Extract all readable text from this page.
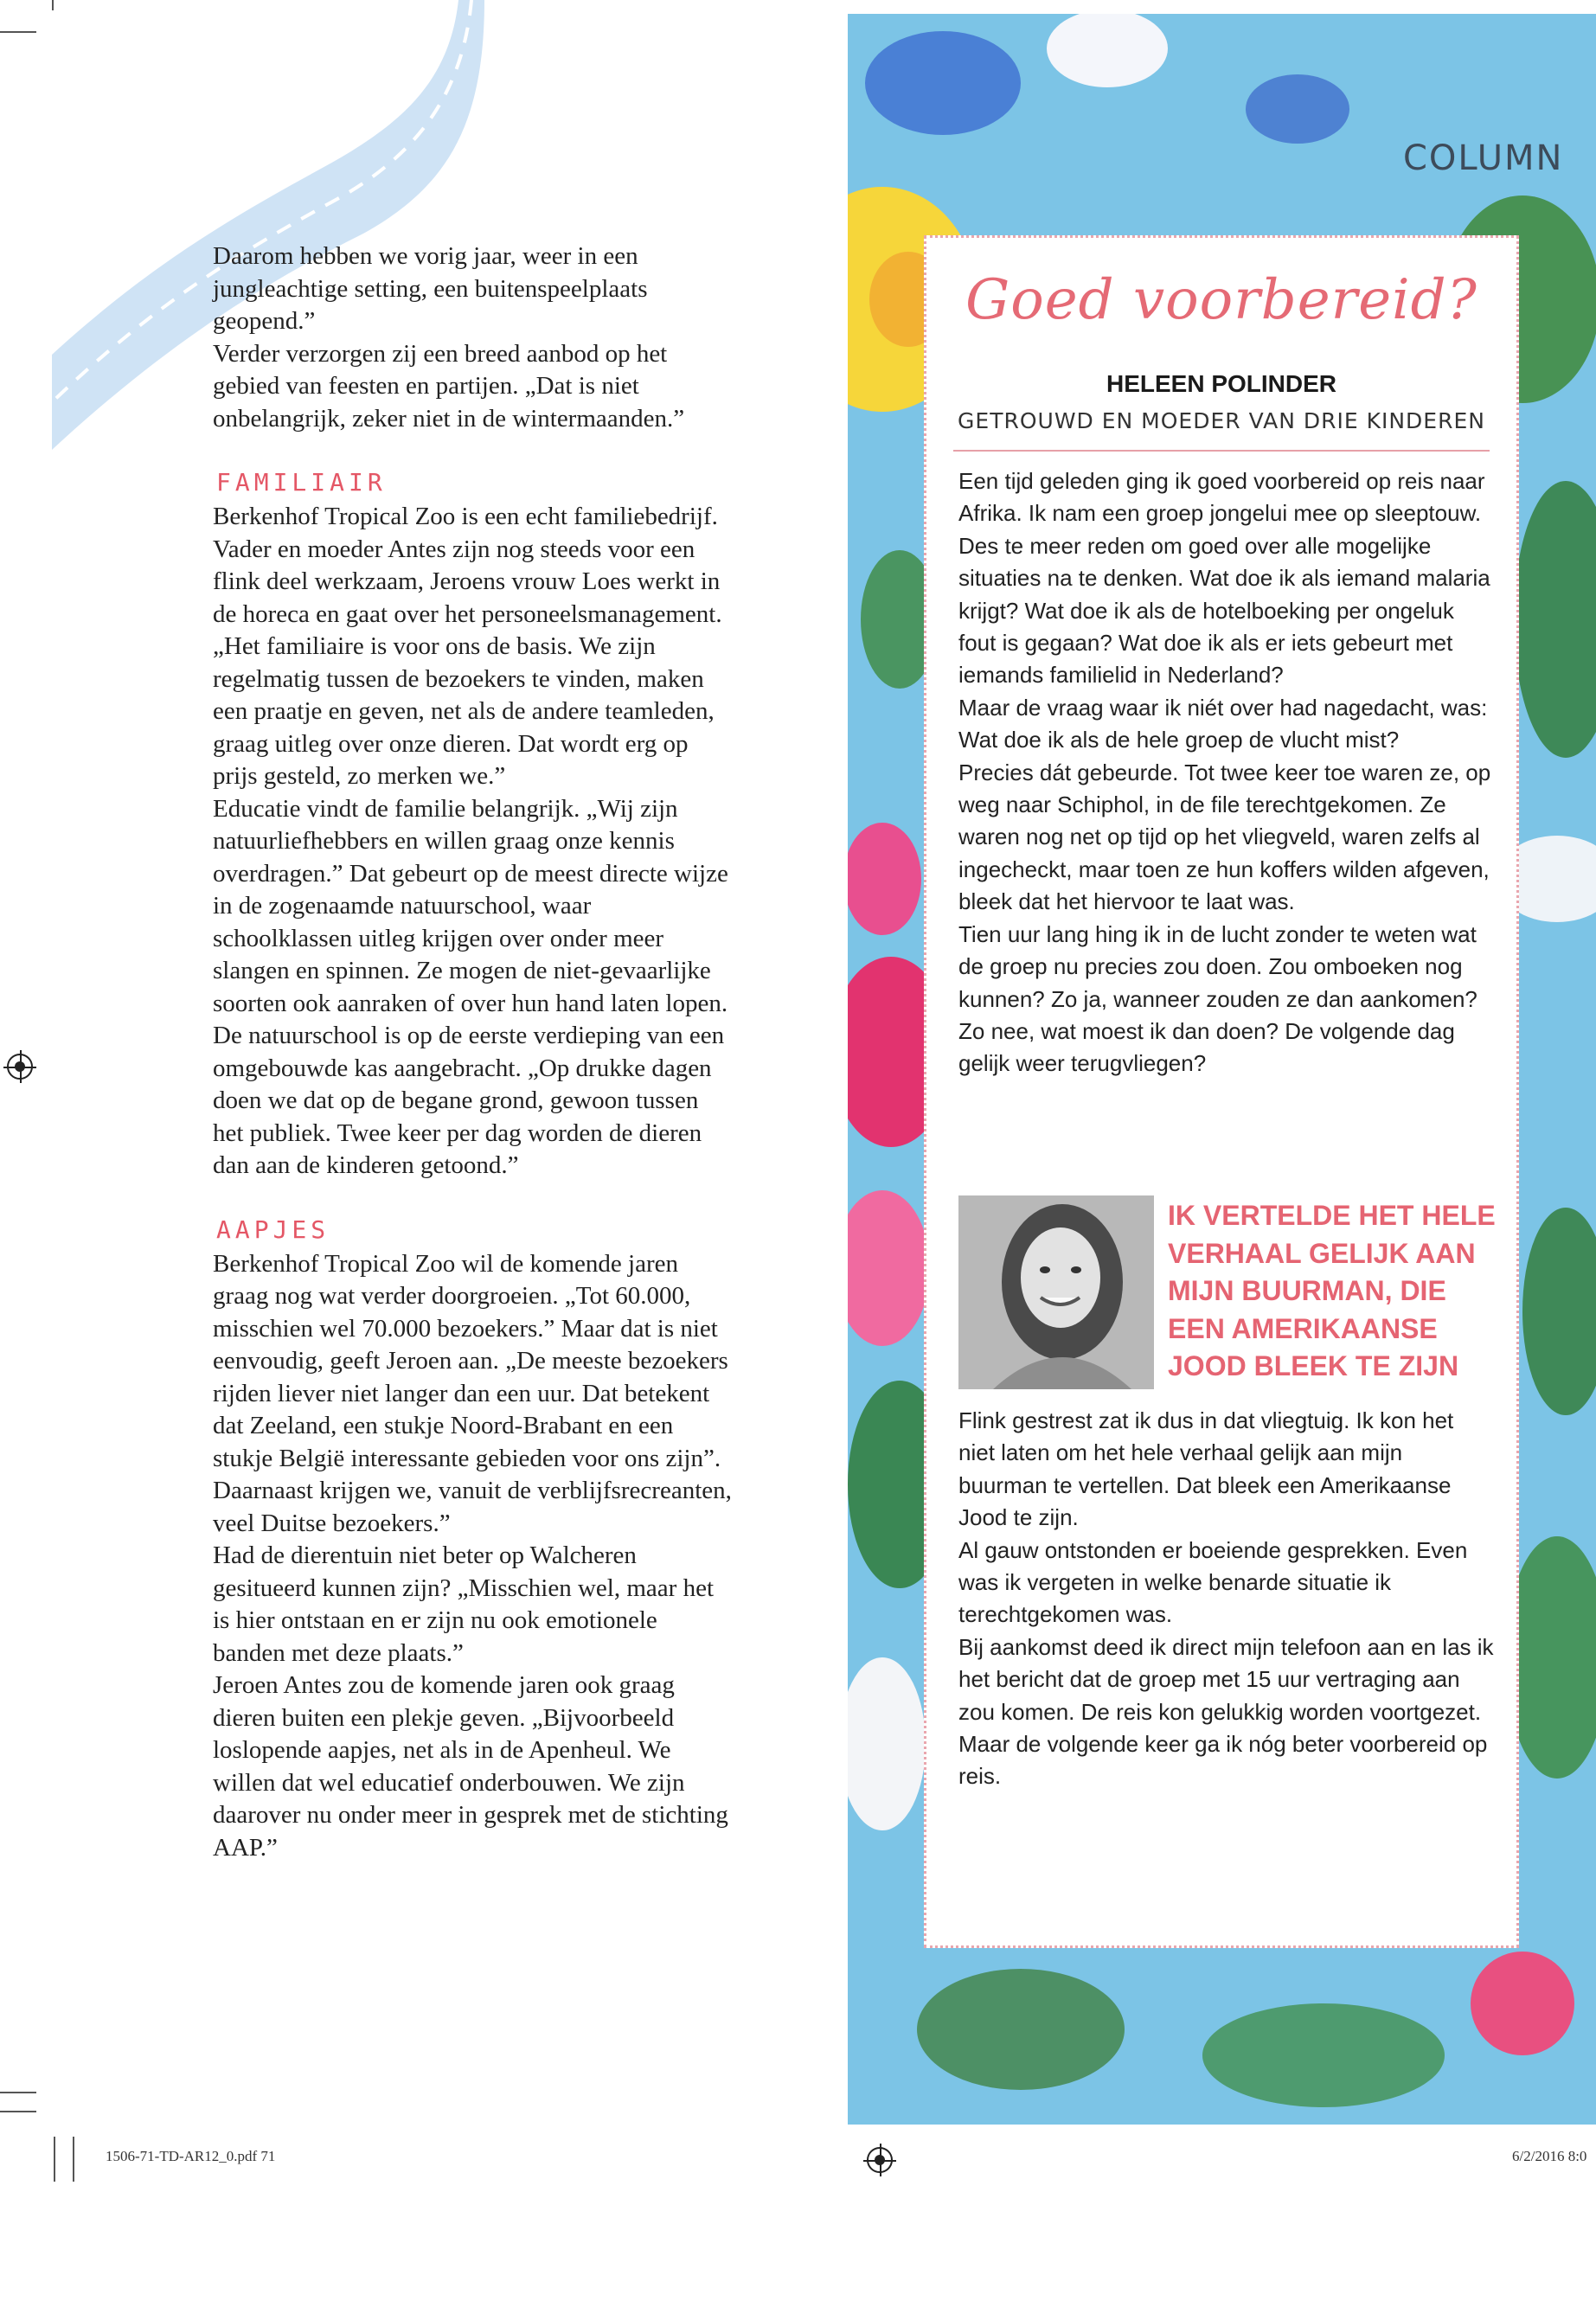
Daarom hebben we vorig jaar, weer in een jungleachtige setting, een buitenspeelplaats geopend.”

Verder verzorgen zij een breed aanbod op het gebied van feesten en partijen. „Dat is niet onbelangrijk, zeker niet in de wintermaanden.”

FAMILIAIR

Berkenhof Tropical Zoo is een echt familiebedrijf. Vader en moeder Antes zijn nog steeds voor een flink deel werkzaam, Jeroens vrouw Loes werkt in de horeca en gaat over het personeelsmanagement. „Het familiaire is voor ons de basis. We zijn regelmatig tussen de bezoekers te vinden, maken een praatje en geven, net als de andere teamleden, graag uitleg over onze dieren. Dat wordt erg op prijs gesteld, zo merken we.”

Educatie vindt de familie belangrijk. „Wij zijn natuurliefhebbers en willen graag onze kennis overdragen.” Dat gebeurt op de meest directe wijze in de zogenaamde natuurschool, waar schoolklassen uitleg krijgen over onder meer slangen en spinnen. Ze mogen de niet-gevaarlijke soorten ook aanraken of over hun hand laten lopen. De natuurschool is op de eerste verdieping van een omgebouwde kas aangebracht. „Op drukke dagen doen we dat op de begane grond, gewoon tussen het publiek. Twee keer per dag worden de dieren dan aan de kinderen getoond.”

AAPJES

Berkenhof Tropical Zoo wil de komende jaren graag nog wat verder doorgroeien. „Tot 60.000, misschien wel 70.000 bezoekers.” Maar dat is niet eenvoudig, geeft Jeroen aan. „De meeste bezoekers rijden liever niet langer dan een uur. Dat betekent dat Zeeland, een stukje Noord-Brabant en een stukje België interessante gebieden voor ons zijn”. Daarnaast krijgen we, vanuit de verblijfsrecreanten, veel Duitse bezoekers.”

Had de dierentuin niet beter op Walcheren gesitueerd kunnen zijn? „Misschien wel, maar het is hier ontstaan en er zijn nu ook emotionele banden met deze plaats.”

Jeroen Antes zou de komende jaren ook graag dieren buiten een plekje geven. „Bijvoorbeeld loslopende aapjes, net als in de Apenheul. We willen dat wel educatief onderbouwen. We zijn daarover nu onder meer in gesprek met de stichting AAP.”

COLUMN
Goed voorbereid?
HELEEN POLINDER
GETROUWD EN MOEDER VAN DRIE KINDEREN

Een tijd geleden ging ik goed voorbereid op reis naar Afrika. Ik nam een groep jongelui mee op sleeptouw. Des te meer reden om goed over alle mogelijke situaties na te denken. Wat doe ik als iemand malaria krijgt? Wat doe ik als de hotelboeking per ongeluk fout is gegaan? Wat doe ik als er iets gebeurt met iemands familielid in Nederland?

Maar de vraag waar ik niét over had nagedacht, was: Wat doe ik als de hele groep de vlucht mist?

Precies dát gebeurde. Tot twee keer toe waren ze, op weg naar Schiphol, in de file terechtgekomen. Ze waren nog net op tijd op het vliegveld, waren zelfs al ingecheckt, maar toen ze hun koffers wilden afgeven, bleek dat het hiervoor te laat was.

Tien uur lang hing ik in de lucht zonder te weten wat de groep nu precies zou doen. Zou omboeken nog kunnen? Zo ja, wanneer zouden ze dan aankomen? Zo nee, wat moest ik dan doen? De volgende dag gelijk weer terugvliegen?

IK VERTELDE HET HELE VERHAAL GELIJK AAN MIJN BUURMAN, DIE EEN AMERIKAANSE JOOD BLEEK TE ZIJN

Flink gestrest zat ik dus in dat vliegtuig. Ik kon het niet laten om het hele verhaal gelijk aan mijn buurman te vertellen. Dat bleek een Amerikaanse Jood te zijn.

Al gauw ontstonden er boeiende gesprekken. Even was ik vergeten in welke benarde situatie ik terechtgekomen was.

Bij aankomst deed ik direct mijn telefoon aan en las ik het bericht dat de groep met 15 uur vertraging aan zou komen. De reis kon gelukkig worden voortgezet. Maar de volgende keer ga ik nóg beter voorbereid op reis.

1506-71-TD-AR12_0.pdf 71	6/2/2016 8:0
